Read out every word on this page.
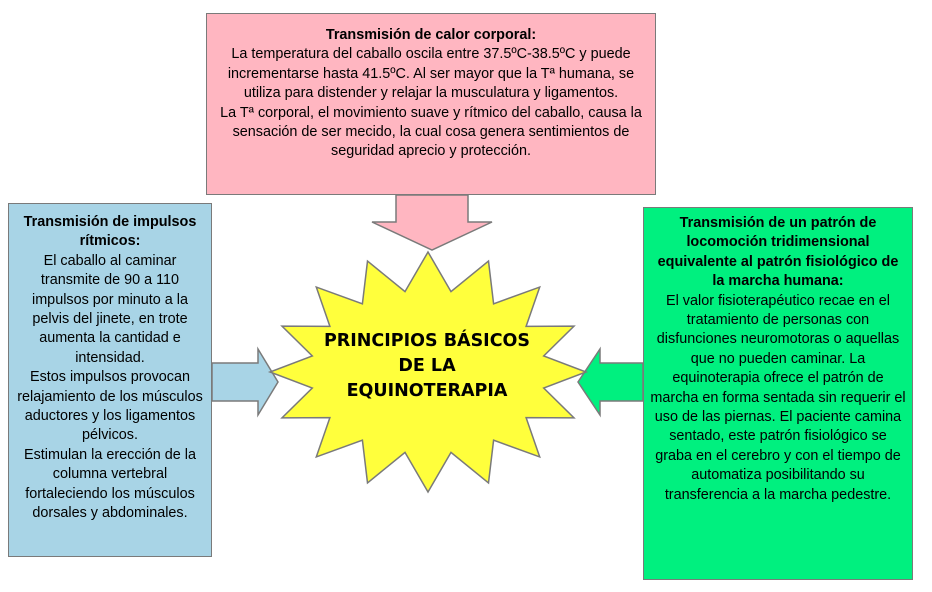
Transmisión de calor corporal:
La temperatura del caballo oscila entre 37.5ºC-38.5ºC y puede incrementarse hasta 41.5ºC. Al ser mayor que la Tª humana, se utiliza para distender y relajar la musculatura y ligamentos.
La Tª corporal, el movimiento suave y rítmico del caballo, causa la sensación de ser mecido, la cual cosa genera sentimientos de seguridad aprecio y protección.
Transmisión de impulsos rítmicos:
El caballo al caminar transmite de 90 a 110 impulsos por minuto a la pelvis del jinete, en trote aumenta la cantidad e intensidad.
Estos impulsos provocan relajamiento de los músculos aductores y los ligamentos pélvicos.
Estimulan la erección de la columna vertebral fortaleciendo los músculos dorsales y abdominales.
Transmisión de un patrón de locomoción tridimensional equivalente al patrón fisiológico de la marcha humana:
El valor fisioterapéutico recae en el tratamiento de personas con disfunciones neuromotoras o aquellas que no pueden caminar. La equinoterapia ofrece el patrón de marcha en forma sentada sin requerir el uso de las piernas. El paciente camina sentado, este patrón fisiológico se graba en el cerebro y con el tiempo de automatiza posibilitando su transferencia a la marcha pedestre.
PRINCIPIOS BÁSICOS
DE LA
EQUINOTERAPIA
